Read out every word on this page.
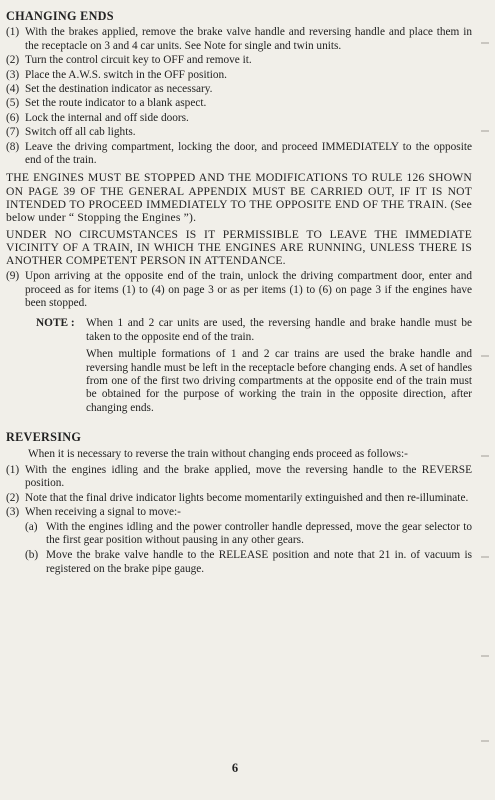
CHANGING ENDS
(1) With the brakes applied, remove the brake valve handle and reversing handle and place them in the receptacle on 3 and 4 car units. See Note for single and twin units.
(2) Turn the control circuit key to OFF and remove it.
(3) Place the A.W.S. switch in the OFF position.
(4) Set the destination indicator as necessary.
(5) Set the route indicator to a blank aspect.
(6) Lock the internal and off side doors.
(7) Switch off all cab lights.
(8) Leave the driving compartment, locking the door, and proceed IMMEDIATELY to the opposite end of the train.
THE ENGINES MUST BE STOPPED AND THE MODIFICATIONS TO RULE 126 SHOWN ON PAGE 39 OF THE GENERAL APPENDIX MUST BE CARRIED OUT, IF IT IS NOT INTENDED TO PROCEED IMMEDIATELY TO THE OPPOSITE END OF THE TRAIN. (See below under “ Stopping the Engines ”).
UNDER NO CIRCUMSTANCES IS IT PERMISSIBLE TO LEAVE THE IMMEDIATE VICINITY OF A TRAIN, IN WHICH THE ENGINES ARE RUNNING, UNLESS THERE IS ANOTHER COMPETENT PERSON IN ATTENDANCE.
(9) Upon arriving at the opposite end of the train, unlock the driving compartment door, enter and proceed as for items (1) to (4) on page 3 or as per items (1) to (6) on page 3 if the engines have been stopped.
NOTE :	When 1 and 2 car units are used, the reversing handle and brake handle must be taken to the opposite end of the train.

When multiple formations of 1 and 2 car trains are used the brake handle and reversing handle must be left in the receptacle before changing ends. A set of handles from one of the first two driving compartments at the opposite end of the train must be obtained for the purpose of working the train in the opposite direction, after changing ends.

REVERSING
When it is necessary to reverse the train without changing ends proceed as follows:-
(1) With the engines idling and the brake applied, move the reversing handle to the REVERSE position.
(2) Note that the final drive indicator lights become momentarily extinguished and then re-illuminate.
(3) When receiving a signal to move:-
(a) With the engines idling and the power controller handle depressed, move the gear selector to the first gear position without pausing in any other gears.
(b) Move the brake valve handle to the RELEASE position and note that 21 in. of vacuum is registered on the brake pipe gauge.
6
